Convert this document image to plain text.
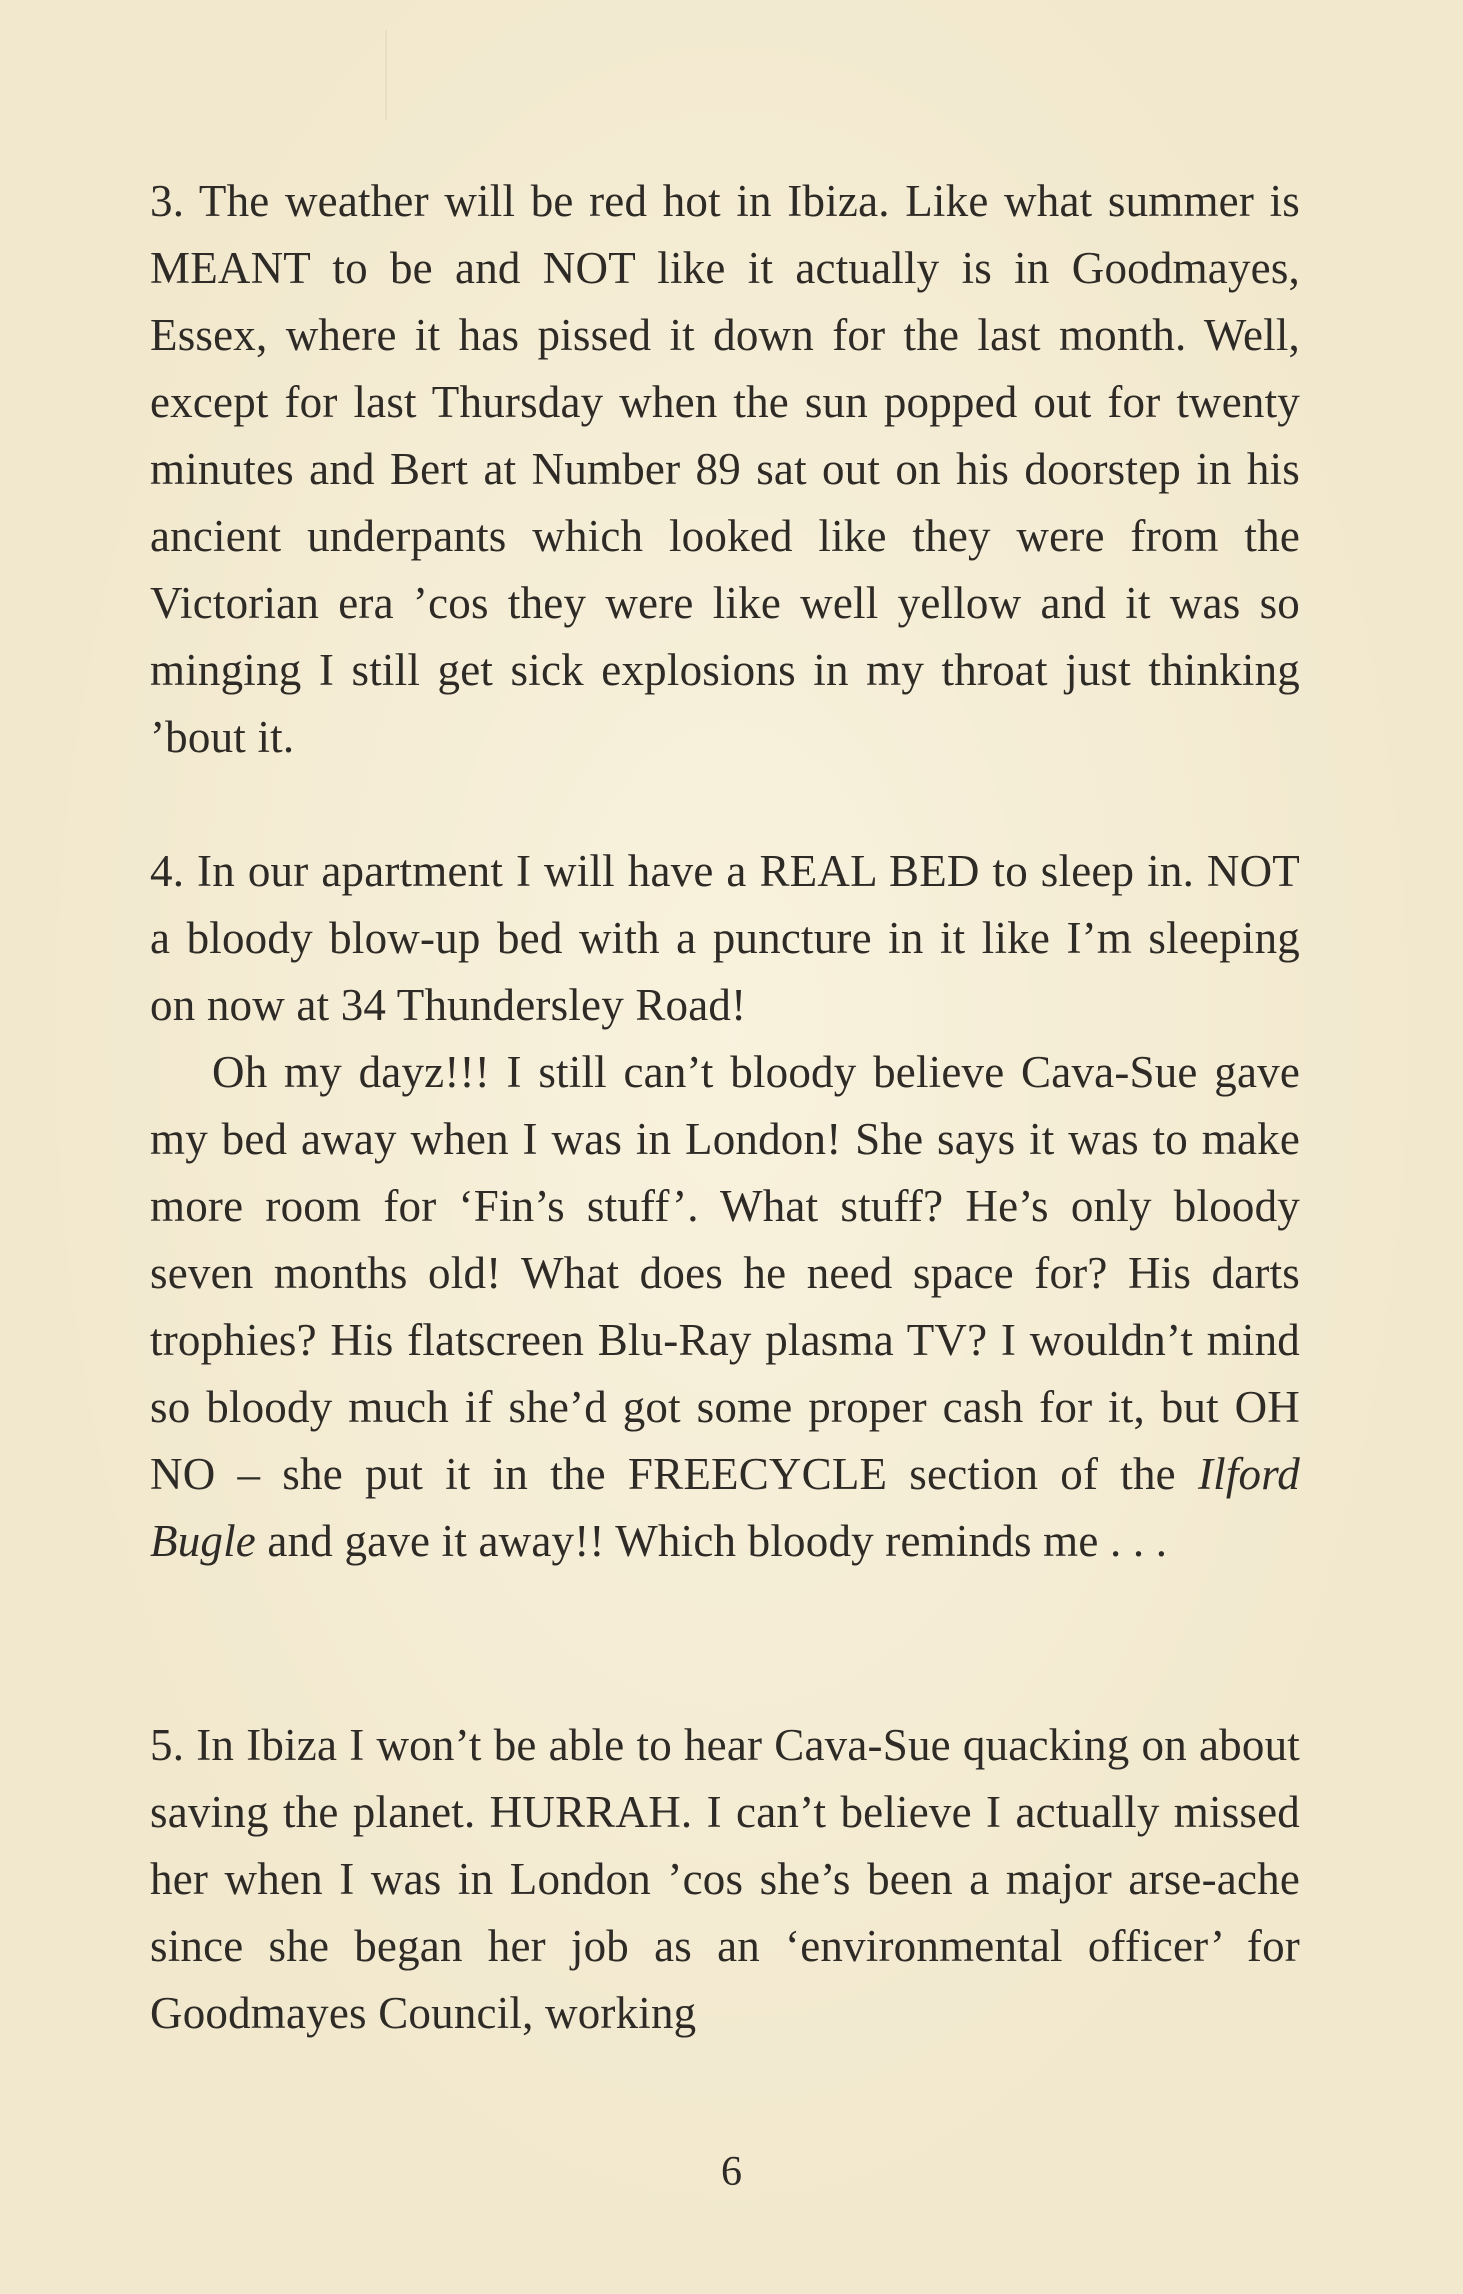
3. The weather will be red hot in Ibiza. Like what summer is MEANT to be and NOT like it actually is in Goodmayes, Essex, where it has pissed it down for the last month. Well, except for last Thursday when the sun popped out for twenty minutes and Bert at Number 89 sat out on his doorstep in his ancient underpants which looked like they were from the Victorian era ’cos they were like well yellow and it was so minging I still get sick explosions in my throat just thinking ’bout it.

4. In our apartment I will have a REAL BED to sleep in. NOT a bloody blow-up bed with a puncture in it like I’m sleeping on now at 34 Thundersley Road!

Oh my dayz!!! I still can’t bloody believe Cava-Sue gave my bed away when I was in London! She says it was to make more room for ‘Fin’s stuff’. What stuff? He’s only bloody seven months old! What does he need space for? His darts trophies? His flatscreen Blu-Ray plasma TV? I wouldn’t mind so bloody much if she’d got some proper cash for it, but OH NO – she put it in the FREECYCLE section of the Ilford Bugle and gave it away!! Which bloody reminds me . . .

5. In Ibiza I won’t be able to hear Cava-Sue quacking on about saving the planet. HURRAH. I can’t believe I actually missed her when I was in London ’cos she’s been a major arse-ache since she began her job as an ‘environmental officer’ for Goodmayes Council, working

6
